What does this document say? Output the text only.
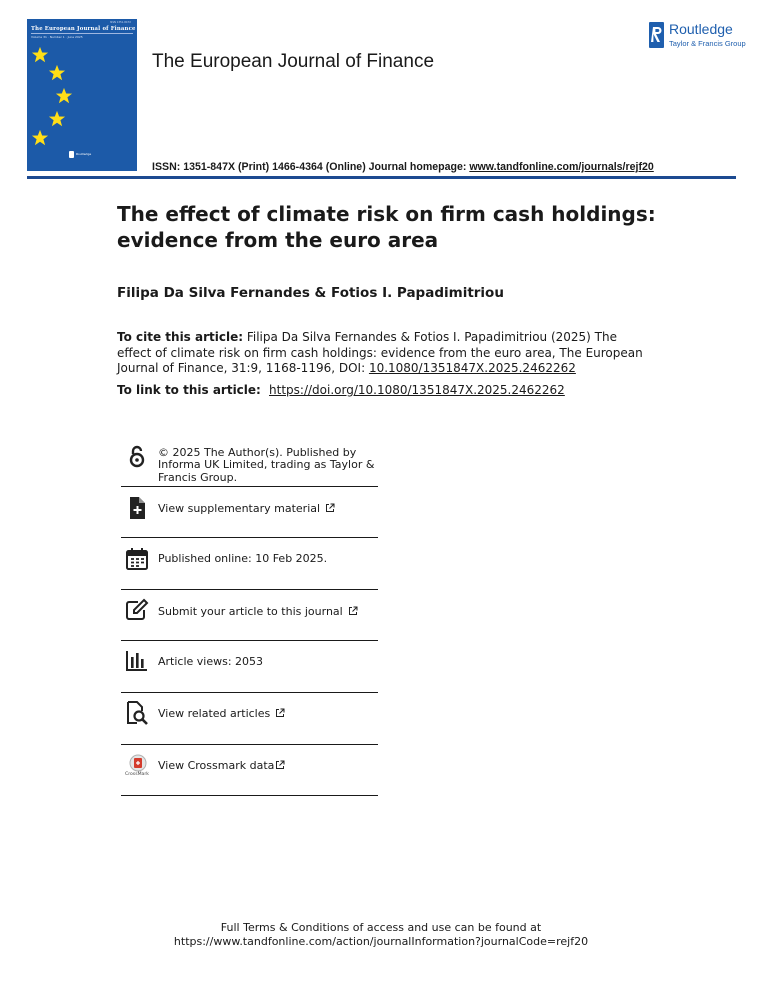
ISSN 1351-847X
The European Journal of Finance
Volume 31 · Number 1 · June 2025
Routledge
The European Journal of Finance
ISSN: 1351-847X (Print) 1466-4364 (Online) Journal homepage: www.tandfonline.com/journals/rejf20
Routledge
Taylor & Francis Group
The effect of climate risk on firm cash holdings: evidence from the euro area
Filipa Da Silva Fernandes & Fotios I. Papadimitriou
To cite this article: Filipa Da Silva Fernandes & Fotios I. Papadimitriou (2025) The effect of climate risk on firm cash holdings: evidence from the euro area, The European Journal of Finance, 31:9, 1168-1196, DOI: 10.1080/1351847X.2025.2462262
To link to this article: https://doi.org/10.1080/1351847X.2025.2462262
© 2025 The Author(s). Published by Informa UK Limited, trading as Taylor & Francis Group.
View supplementary material
Published online: 10 Feb 2025.
Submit your article to this journal
Article views: 2053
View related articles
CrossMark
View Crossmark data
Full Terms & Conditions of access and use can be found at
https://www.tandfonline.com/action/journalInformation?journalCode=rejf20
